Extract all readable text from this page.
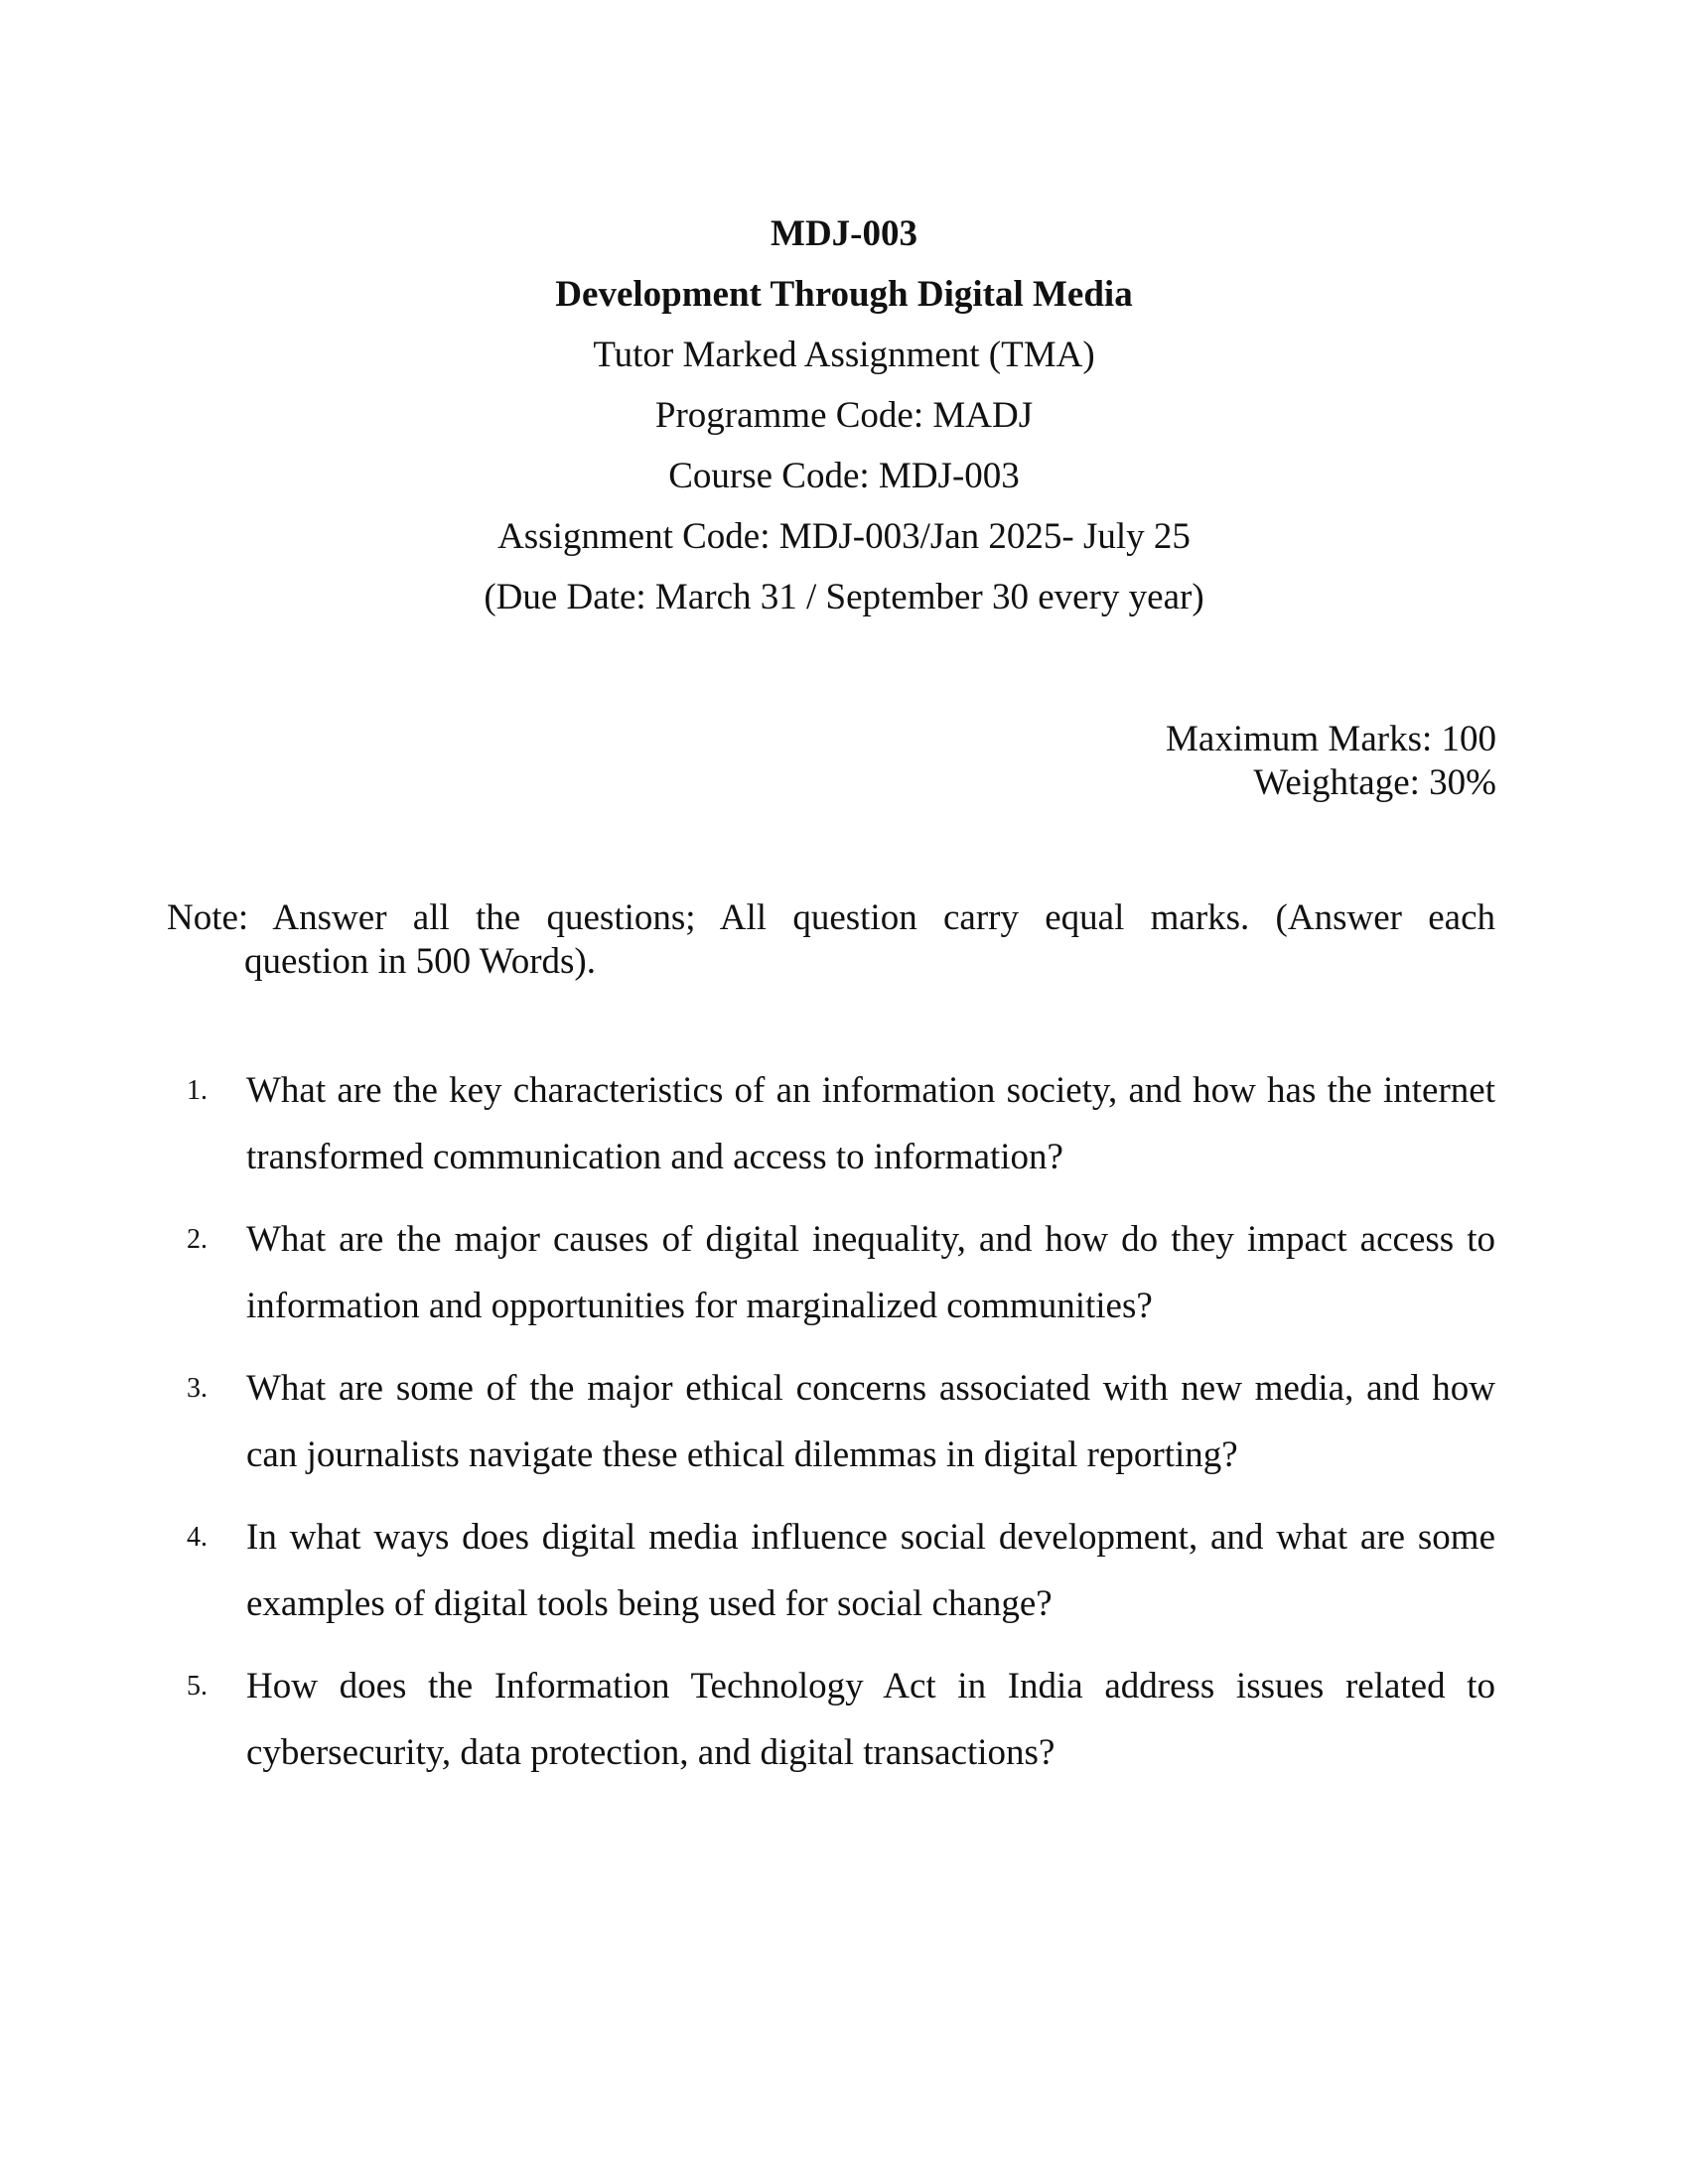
MDJ-003
Development Through Digital Media
Tutor Marked Assignment (TMA)
Programme Code: MADJ
Course Code: MDJ-003
Assignment Code: MDJ-003/Jan 2025- July 25
(Due Date: March 31 / September 30 every year)
Maximum Marks: 100
Weightage: 30%

Note: Answer all the questions; All question carry equal marks. (Answer each

question in 500 Words).

1. What are the key characteristics of an information society, and how has the internet transformed communication and access to information?
2. What are the major causes of digital inequality, and how do they impact access to information and opportunities for marginalized communities?
3. What are some of the major ethical concerns associated with new media, and how can journalists navigate these ethical dilemmas in digital reporting?
4. In what ways does digital media influence social development, and what are some examples of digital tools being used for social change?
5. How does the Information Technology Act in India address issues related to cybersecurity, data protection, and digital transactions?
